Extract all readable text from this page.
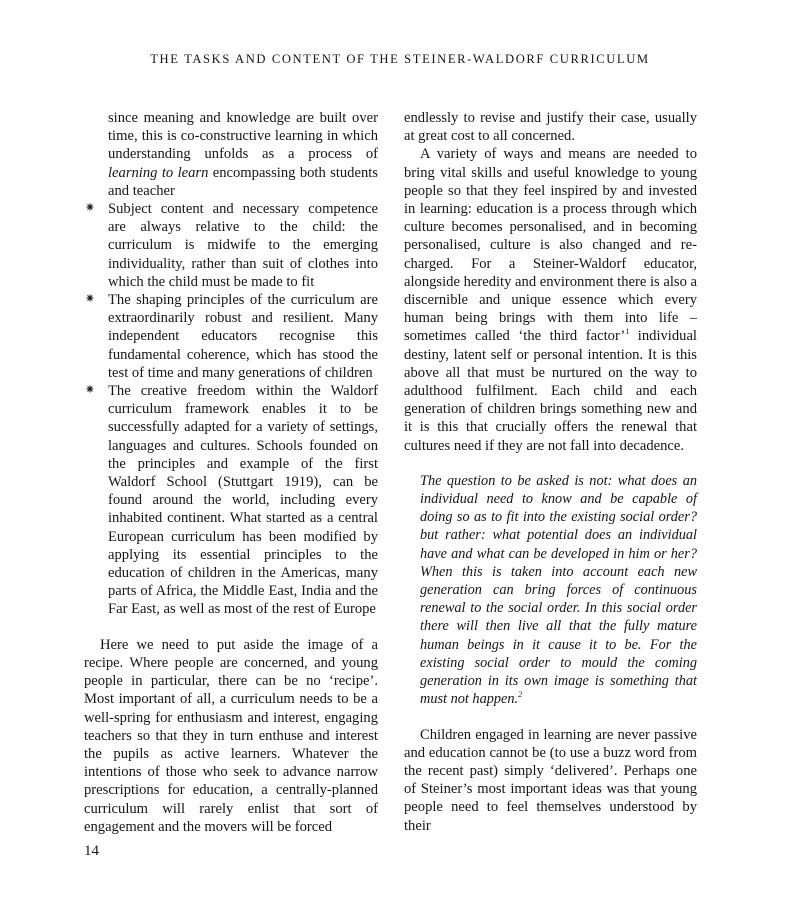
THE TASKS AND CONTENT OF THE STEINER-WALDORF CURRICULUM

since meaning and knowledge are built over time, this is co-constructive learning in which understanding unfolds as a process of learning to learn encompassing both students and teacher

⁕ Subject content and necessary competence are always relative to the child: the curriculum is midwife to the emerging individuality, rather than suit of clothes into which the child must be made to fit
⁕ The shaping principles of the curriculum are extraordinarily robust and resilient. Many independent educators recognise this fundamental coherence, which has stood the test of time and many generations of children
⁕ The creative freedom within the Waldorf curriculum framework enables it to be successfully adapted for a variety of settings, languages and cultures. Schools founded on the principles and example of the first Waldorf School (Stuttgart 1919), can be found around the world, including every inhabited continent. What started as a central European curriculum has been modified by applying its essential principles to the education of children in the Americas, many parts of Africa, the Middle East, India and the Far East, as well as most of the rest of Europe

Here we need to put aside the image of a recipe. Where people are concerned, and young people in particular, there can be no ‘recipe’. Most important of all, a curriculum needs to be a well-spring for enthusiasm and interest, engaging teachers so that they in turn enthuse and interest the pupils as active learners. Whatever the intentions of those who seek to advance narrow prescriptions for education, a centrally-planned curriculum will rarely enlist that sort of engagement and the movers will be forced

endlessly to revise and justify their case, usually at great cost to all concerned.

A variety of ways and means are needed to bring vital skills and useful knowledge to young people so that they feel inspired by and invested in learning: education is a process through which culture becomes personalised, and in becoming personalised, culture is also changed and re-charged. For a Steiner-Waldorf educator, alongside heredity and environment there is also a discernible and unique essence which every human being brings with them into life – sometimes called ‘the third factor’$^1$ individual destiny, latent self or personal intention. It is this above all that must be nurtured on the way to adulthood fulfilment. Each child and each generation of children brings something new and it is this that crucially offers the renewal that cultures need if they are not fall into decadence.

The question to be asked is not: what does an individual need to know and be capable of doing so as to fit into the existing social order? but rather: what potential does an individual have and what can be developed in him or her? When this is taken into account each new generation can bring forces of continuous renewal to the social order. In this social order there will then live all that the fully mature human beings in it cause it to be. For the existing social order to mould the coming generation in its own image is something that must not happen.$^2$

Children engaged in learning are never passive and education cannot be (to use a buzz word from the recent past) simply ‘delivered’. Perhaps one of Steiner’s most important ideas was that young people need to feel themselves understood by their

14
